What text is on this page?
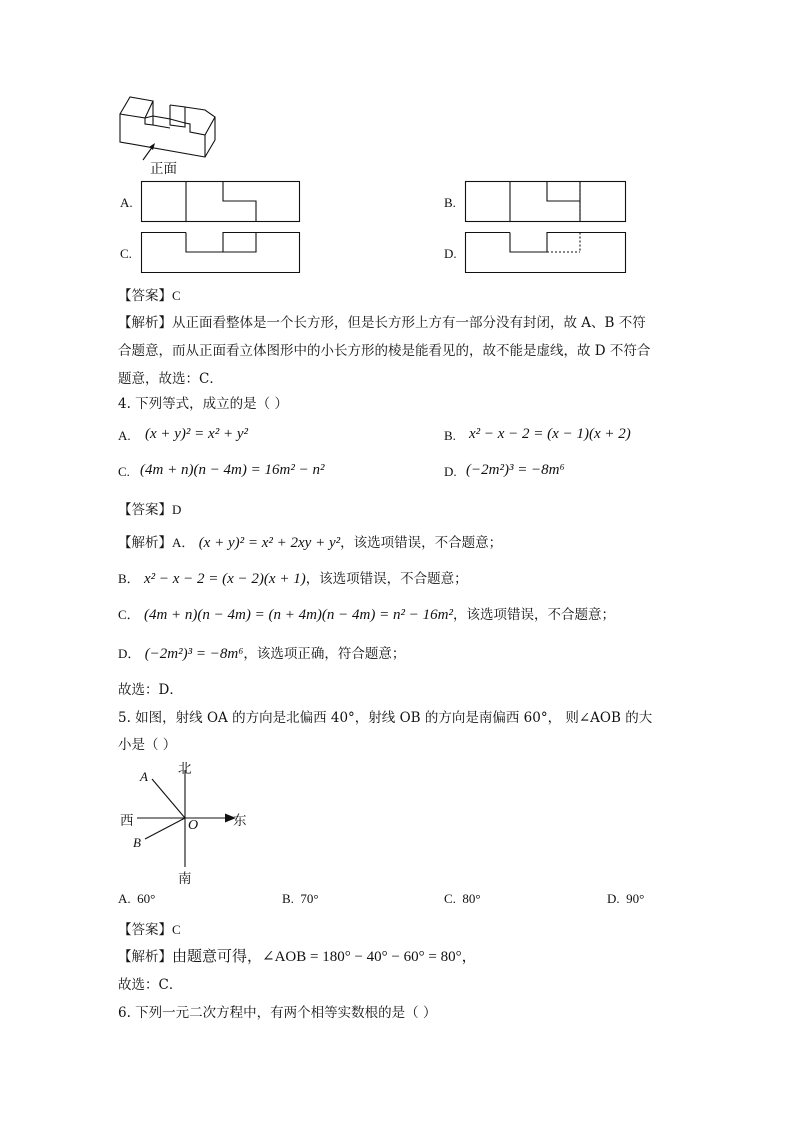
正面
A.	B.
C.	D.
【答案】C
【解析】从正面看整体是一个长方形，但是长方形上方有一部分没有封闭，故 A、B 不符
合题意，而从正面看立体图形中的小长方形的棱是能看见的，故不能是虚线，故 D 不符合
题意，故选：C．
4. 下列等式，成立的是（ ）
A. (x + y)² = x² + y²	B. x² − x − 2 = (x − 1)(x + 2)
C. (4m + n)(n − 4m) = 16m² − n²	D. (−2m²)³ = −8m⁶
【答案】D
【解析】A． (x + y)² = x² + 2xy + y²，该选项错误，不合题意；
B． x² − x − 2 = (x − 2)(x + 1)，该选项错误，不合题意；
C． (4m + n)(n − 4m) = (n + 4m)(n − 4m) = n² − 16m²，该选项错误，不合题意；
D． (−2m²)³ = −8m⁶，该选项正确，符合题意；
故选：D．
5. 如图，射线 OA 的方向是北偏西 40°，射线 OB 的方向是南偏西 60°， 则∠AOB 的大
小是（ ）
北
南
西	东
O
A
B
A. 60°	B. 70°	C. 80°	D. 90°
【答案】C
【解析】由题意可得，∠AOB = 180° − 40° − 60° = 80°，
故选：C．
6. 下列一元二次方程中，有两个相等实数根的是（ ）
